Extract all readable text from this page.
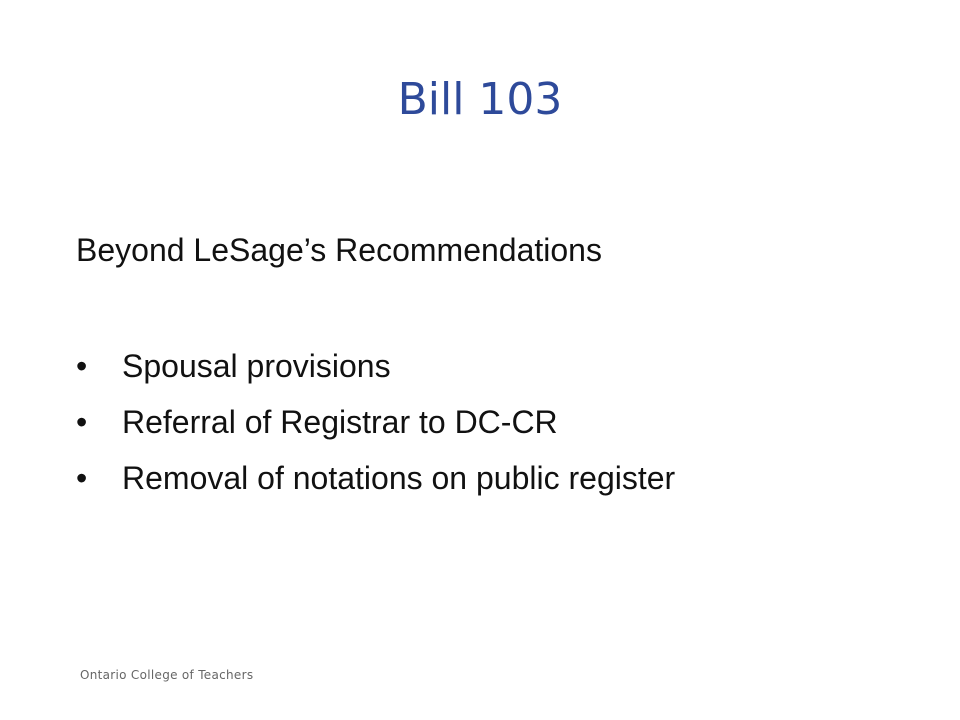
Bill 103

Beyond LeSage’s Recommendations

• Spousal provisions
• Referral of Registrar to DC-CR
• Removal of notations on public register
Ontario College of Teachers
